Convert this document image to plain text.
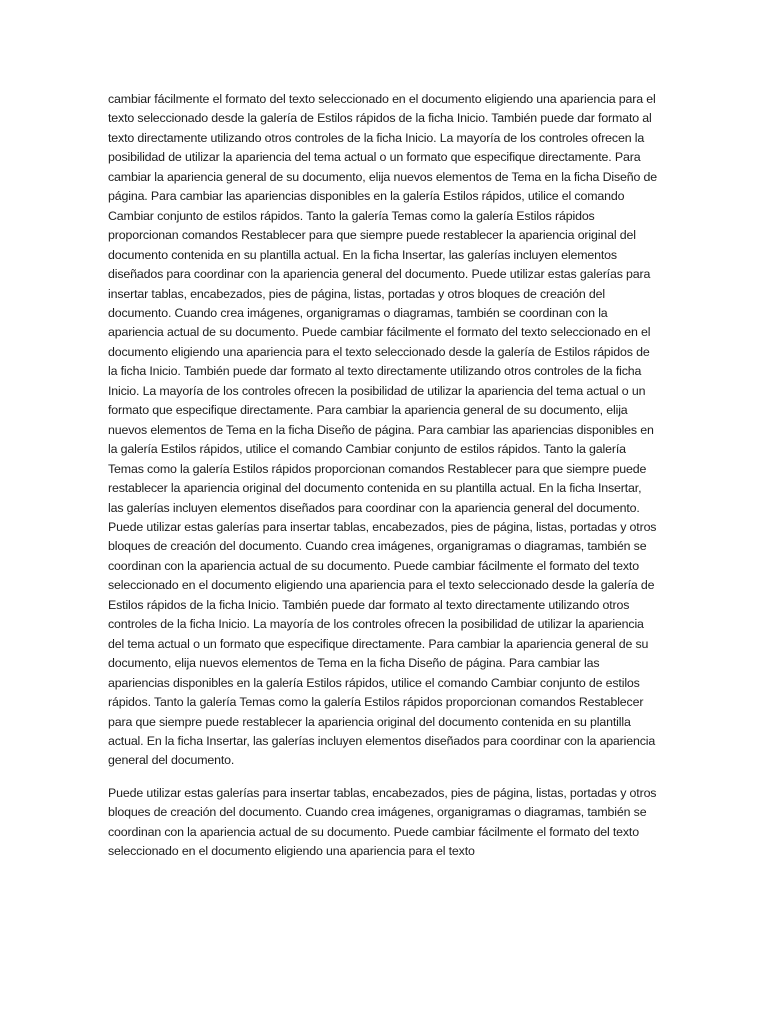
cambiar fácilmente el formato del texto seleccionado en el documento eligiendo una apariencia para el texto seleccionado desde la galería de Estilos rápidos de la ficha Inicio. También puede dar formato al texto directamente utilizando otros controles de la ficha Inicio. La mayoría de los controles ofrecen la posibilidad de utilizar la apariencia del tema actual o un formato que especifique directamente. Para cambiar la apariencia general de su documento, elija nuevos elementos de Tema en la ficha Diseño de página. Para cambiar las apariencias disponibles en la galería Estilos rápidos, utilice el comando Cambiar conjunto de estilos rápidos. Tanto la galería Temas como la galería Estilos rápidos proporcionan comandos Restablecer para que siempre puede restablecer la apariencia original del documento contenida en su plantilla actual. En la ficha Insertar, las galerías incluyen elementos diseñados para coordinar con la apariencia general del documento. Puede utilizar estas galerías para insertar tablas, encabezados, pies de página, listas, portadas y otros bloques de creación del documento. Cuando crea imágenes, organigramas o diagramas, también se coordinan con la apariencia actual de su documento. Puede cambiar fácilmente el formato del texto seleccionado en el documento eligiendo una apariencia para el texto seleccionado desde la galería de Estilos rápidos de la ficha Inicio. También puede dar formato al texto directamente utilizando otros controles de la ficha Inicio. La mayoría de los controles ofrecen la posibilidad de utilizar la apariencia del tema actual o un formato que especifique directamente. Para cambiar la apariencia general de su documento, elija nuevos elementos de Tema en la ficha Diseño de página. Para cambiar las apariencias disponibles en la galería Estilos rápidos, utilice el comando Cambiar conjunto de estilos rápidos. Tanto la galería Temas como la galería Estilos rápidos proporcionan comandos Restablecer para que siempre puede restablecer la apariencia original del documento contenida en su plantilla actual. En la ficha Insertar, las galerías incluyen elementos diseñados para coordinar con la apariencia general del documento. Puede utilizar estas galerías para insertar tablas, encabezados, pies de página, listas, portadas y otros bloques de creación del documento. Cuando crea imágenes, organigramas o diagramas, también se coordinan con la apariencia actual de su documento. Puede cambiar fácilmente el formato del texto seleccionado en el documento eligiendo una apariencia para el texto seleccionado desde la galería de Estilos rápidos de la ficha Inicio. También puede dar formato al texto directamente utilizando otros controles de la ficha Inicio. La mayoría de los controles ofrecen la posibilidad de utilizar la apariencia del tema actual o un formato que especifique directamente. Para cambiar la apariencia general de su documento, elija nuevos elementos de Tema en la ficha Diseño de página. Para cambiar las apariencias disponibles en la galería Estilos rápidos, utilice el comando Cambiar conjunto de estilos rápidos. Tanto la galería Temas como la galería Estilos rápidos proporcionan comandos Restablecer para que siempre puede restablecer la apariencia original del documento contenida en su plantilla actual. En la ficha Insertar, las galerías incluyen elementos diseñados para coordinar con la apariencia general del documento.

Puede utilizar estas galerías para insertar tablas, encabezados, pies de página, listas, portadas y otros bloques de creación del documento. Cuando crea imágenes, organigramas o diagramas, también se coordinan con la apariencia actual de su documento. Puede cambiar fácilmente el formato del texto seleccionado en el documento eligiendo una apariencia para el texto
